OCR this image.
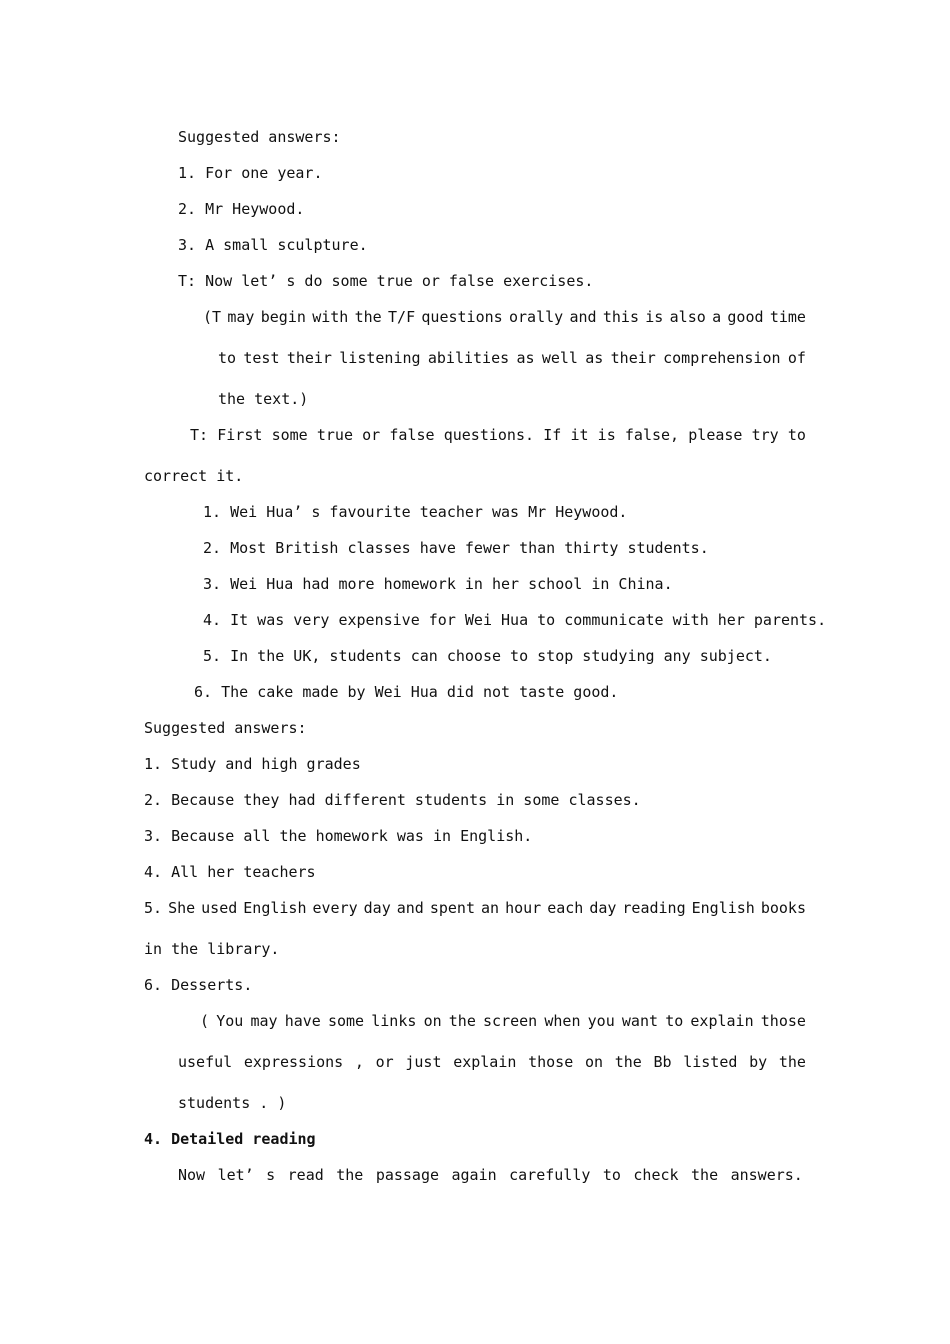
Suggested answers:
1. For one year.
2. Mr Heywood.
3. A small sculpture.
T: Now let’ s do some true or false exercises.
(T may begin with the T/F questions orally and this is also a good time
to test their listening abilities as well as their comprehension of
the text.)
T: First some true or false questions. If it is false, please try to
correct it.
1. Wei Hua’ s favourite teacher was Mr Heywood.
2. Most British classes have fewer than thirty students.
3. Wei Hua had more homework in her school in China.
4. It was very expensive for Wei Hua to communicate with her parents.
5. In the UK, students can choose to stop studying any subject.
6. The cake made by Wei Hua did not taste good.
Suggested answers:
1. Study and high grades
2. Because they had different students in some classes.
3. Because all the homework was in English.
4. All her teachers
5. She used English every day and spent an hour each day reading English books
in the library.
6. Desserts.
( You may have some links on the screen when you want to explain those
useful expressions , or just explain those on the Bb listed by the
students . )
4. Detailed reading
Now let’ s read the passage again carefully to check the answers.
